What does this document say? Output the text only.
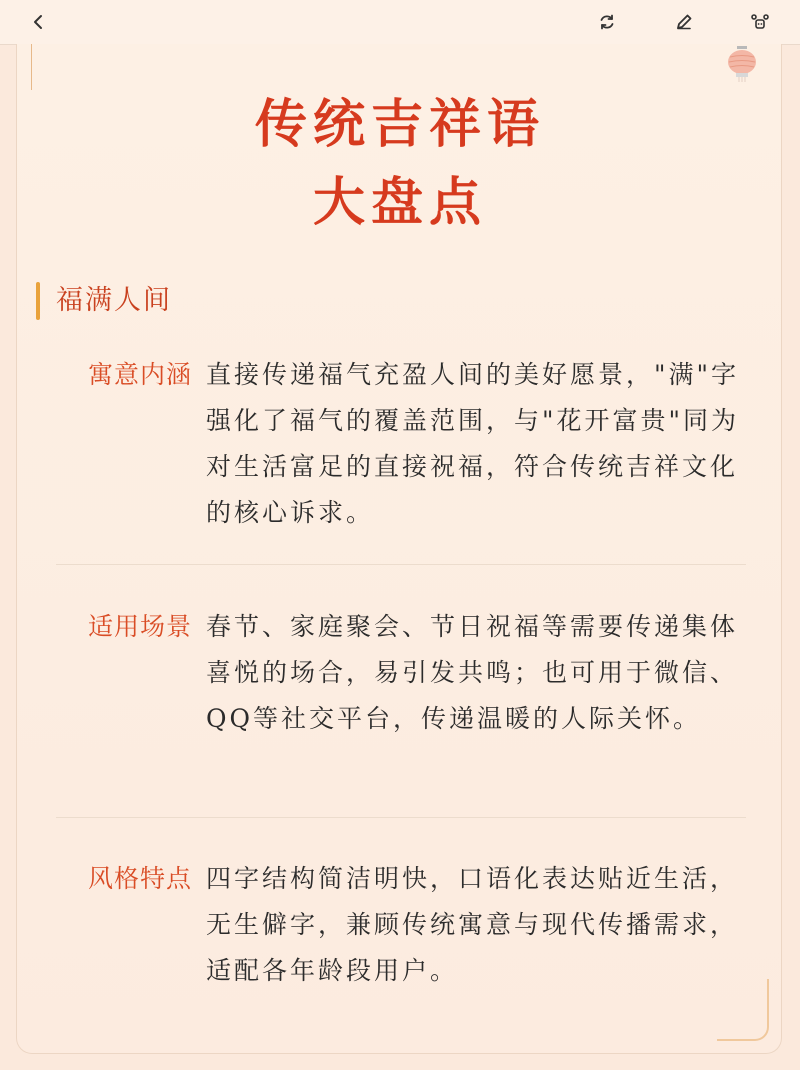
传统吉祥语
大盘点
福满人间
寓意内涵 直接传递福气充盈人间的美好愿景，"满"字强化了福气的覆盖范围，与"花开富贵"同为对生活富足的直接祝福，符合传统吉祥文化的核心诉求。
适用场景 春节、家庭聚会、节日祝福等需要传递集体喜悦的场合，易引发共鸣；也可用于微信、QQ等社交平台，传递温暖的人际关怀。
风格特点 四字结构简洁明快，口语化表达贴近生活，无生僻字，兼顾传统寓意与现代传播需求，适配各年龄段用户。
